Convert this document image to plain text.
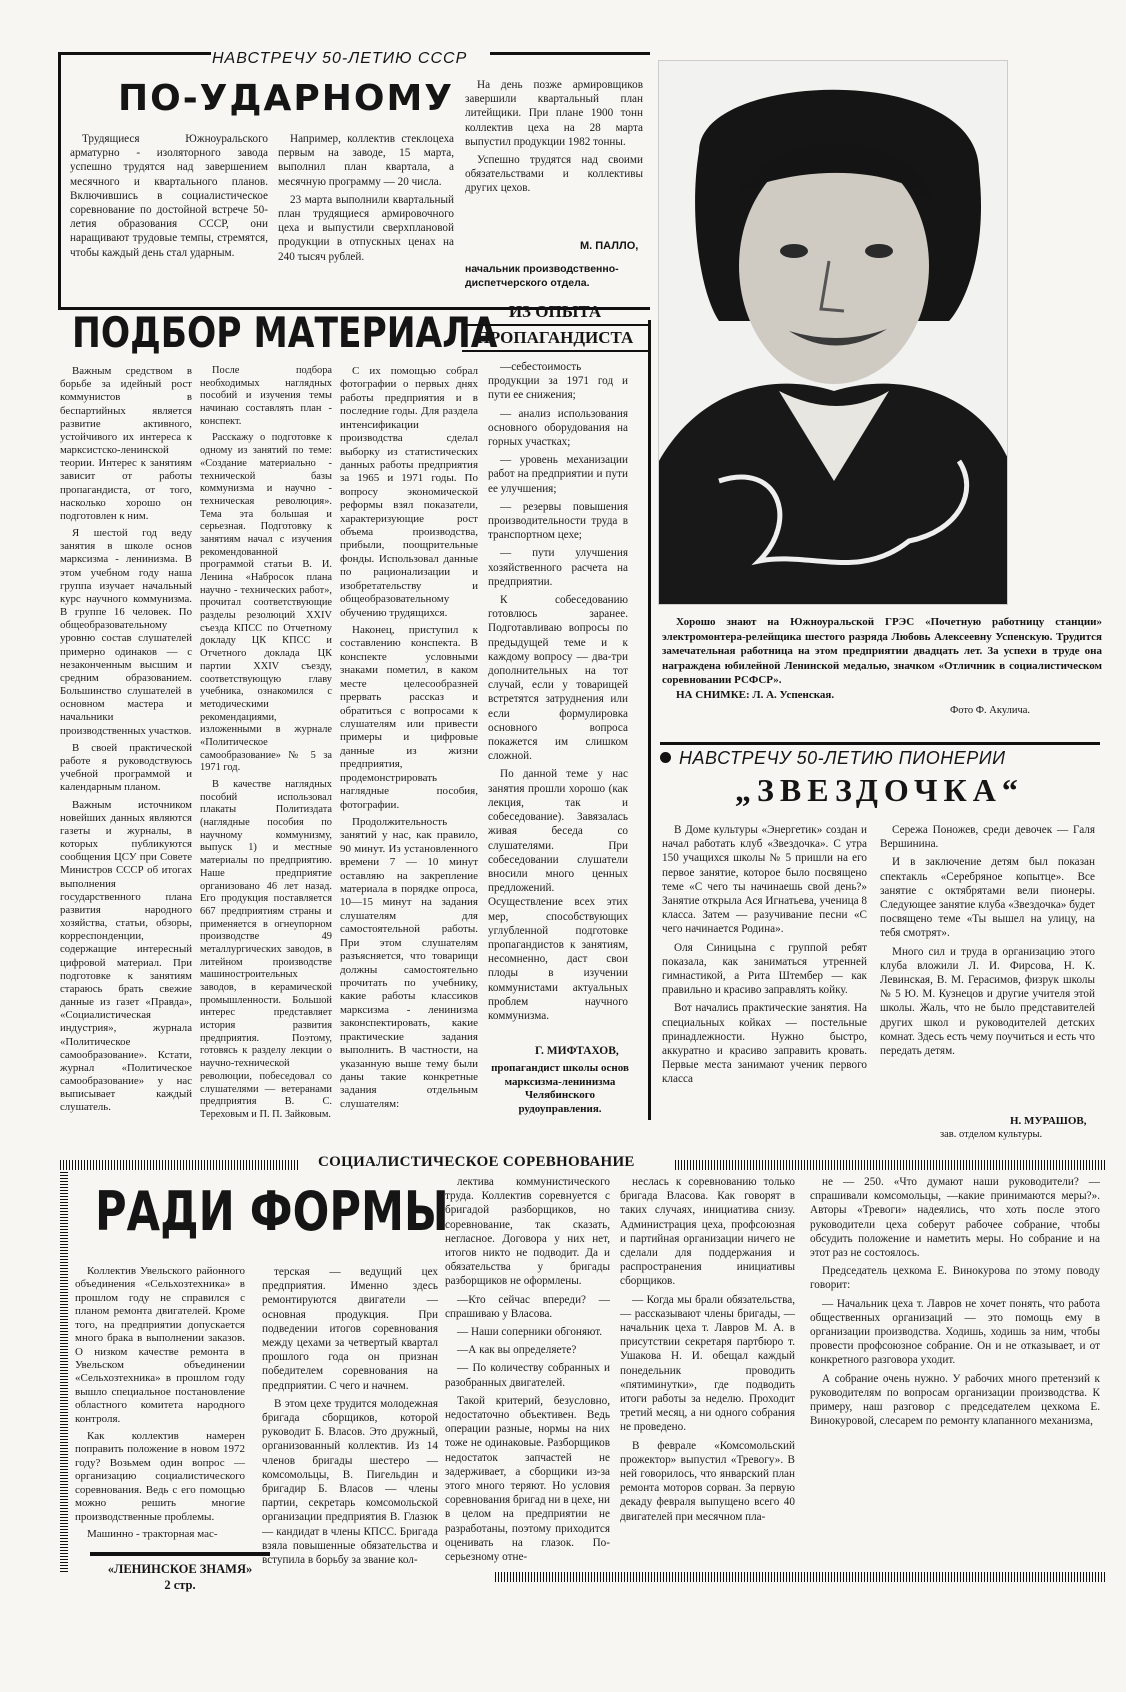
НАВСТРЕЧУ 50-ЛЕТИЮ СССР
ПО-УДАРНОМУ

Трудящиеся Южноуральского арматурно - изоляторного завода успешно трудятся над завершением месячного и квартального планов. Включившись в социалистическое соревнование по достойной встрече 50-летия образования СССР, они наращивают трудовые темпы, стремятся, чтобы каждый день стал ударным.

Например, коллектив стеклоцеха первым на заводе, 15 марта, выполнил план квартала, а месячную программу — 20 числа.

23 марта выполнили квартальный план трудящиеся армировочного цеха и выпустили сверхплановой продукции в отпускных ценах на 240 тысяч рублей.

На день позже армировщиков завершили квартальный план литейщики. При плане 1900 тонн коллектив цеха на 28 марта выпустил продукции 1982 тонны.

Успешно трудятся над своими обязательствами и коллективы других цехов.

М. ПАЛЛО,
начальник производственно-диспетчерского отдела.
Хорошо знают на Южноуральской ГРЭС «Почетную работницу станции» электромонтера-релейщика шестого разряда Любовь Алексеевну Успенскую. Трудится замечательная работница на этом предприятии двадцать лет. За успехи в труде она награждена юбилейной Ленинской медалью, значком «Отличник в социалистическом соревновании РСФСР».
НА СНИМКЕ: Л. А. Успенская.
Фото Ф. Акулича.
ПОДБОР МАТЕРИАЛА ИЗ ОПЫТА
ПРОПАГАНДИСТА

Важным средством в борьбе за идейный рост коммунистов в беспартийных является развитие активного, устойчивого их интереса к марксистско-ленинской теории. Интерес к занятиям зависит от работы пропагандиста, от того, насколько хорошо он подготовлен к ним.

Я шестой год веду занятия в школе основ марксизма - ленинизма. В этом учебном году наша группа изучает начальный курс научного коммунизма. В группе 16 человек. По общеобразовательному уровню состав слушателей примерно одинаков — с незаконченным высшим и средним образованием. Большинство слушателей в основном мастера и начальники производственных участков.

В своей практической работе я руководствуюсь учебной программой и календарным планом.

Важным источником новейших данных являются газеты и журналы, в которых публикуются сообщения ЦСУ при Совете Министров СССР об итогах выполнения государственного плана развития народного хозяйства, статьи, обзоры, корреспонденции, содержащие интересный цифровой материал. При подготовке к занятиям стараюсь брать свежие данные из газет «Правда», «Социалистическая индустрия», журнала «Политическое самообразование». Кстати, журнал «Политическое самообразование» у нас выписывает каждый слушатель.

После подбора необходимых наглядных пособий и изучения темы начинаю составлять план - конспект.

Расскажу о подготовке к одному из занятий по теме: «Создание материально - технической базы коммунизма и научно - техническая революция». Тема эта большая и серьезная. Подготовку к занятиям начал с изучения рекомендованной программой статьи В. И. Ленина «Набросок плана научно - технических работ», прочитал соответствующие разделы резолюций XXIV съезда КПСС по Отчетному докладу ЦК КПСС и Отчетного доклада ЦК партии XXIV съезду, соответствующую главу учебника, ознакомился с методическими рекомендациями, изложенными в журнале «Политическое самообразование» № 5 за 1971 год.

В качестве наглядных пособий использовал плакаты Политиздата (наглядные пособия по научному коммунизму, выпуск 1) и местные материалы по предприятию. Наше предприятие организовано 46 лет назад. Его продукция поставляется 667 предприятиям страны и применяется в огнеупорном производстве 49 металлургических заводов, в литейном производстве машиностроительных заводов, в керамической промышленности. Большой интерес представляет история развития предприятия. Поэтому, готовясь к разделу лекции о научно-технической революции, побеседовал со слушателями — ветеранами предприятия В. С. Тереховым и П. П. Зайковым.

С их помощью собрал фотографии о первых днях работы предприятия и в последние годы. Для раздела интенсификации производства сделал выборку из статистических данных работы предприятия за 1965 и 1971 годы. По вопросу экономической реформы взял показатели, характеризующие рост объема производства, прибыли, поощрительные фонды. Использовал данные по рационализации и изобретательству и общеобразовательному обучению трудящихся.

Наконец, приступил к составлению конспекта. В конспекте условными знаками пометил, в каком месте целесообразней прервать рассказ и обратиться с вопросами к слушателям или привести примеры и цифровые данные из жизни предприятия, продемонстрировать наглядные пособия, фотографии.

Продолжительность занятий у нас, как правило, 90 минут. Из установленного времени 7 — 10 минут оставляю на закрепление материала в порядке опроса, 10—15 минут на задания слушателям для самостоятельной работы. При этом слушателям разъясняется, что товарищи должны самостоятельно прочитать по учебнику, какие работы классиков марксизма - ленинизма законспектировать, какие практические задания выполнить. В частности, на указанную выше тему были даны такие конкретные задания отдельным слушателям:

—себестоимость продукции за 1971 год и пути ее снижения;

— анализ использования основного оборудования на горных участках;

— уровень механизации работ на предприятии и пути ее улучшения;

— резервы повышения производительности труда в транспортном цехе;

— пути улучшения хозяйственного расчета на предприятии.

К собеседованию готовлюсь заранее. Подготавливаю вопросы по предыдущей теме и к каждому вопросу — два-три дополнительных на тот случай, если у товарищей встретятся затруднения или если формулировка основного вопроса покажется им слишком сложной.

По данной теме у нас занятия прошли хорошо (как лекция, так и собеседование). Завязалась живая беседа со слушателями. При собеседовании слушатели вносили много ценных предложений. Осуществление всех этих мер, способствующих углубленной подготовке пропагандистов к занятиям, несомненно, даст свои плоды в изучении коммунистами актуальных проблем научного коммунизма.

Г. МИФТАХОВ,
пропагандист школы основ марксизма-ленинизма Челябинского рудоуправления.
НАВСТРЕЧУ 50-ЛЕТИЮ ПИОНЕРИИ
„ЗВЕЗДОЧКА“

В Доме культуры «Энергетик» создан и начал работать клуб «Звездочка». С утра 150 учащихся школы № 5 пришли на его первое занятие, которое было посвящено теме «С чего ты начинаешь свой день?» Занятие открыла Ася Игнатьева, ученица 8 класса. Затем — разучивание песни «С чего начинается Родина».

Оля Синицына с группой ребят показала, как заниматься утренней гимнастикой, а Рита Штембер — как правильно и красиво заправлять койку.

Вот начались практические занятия. На специальных койках — постельные принадлежности. Нужно быстро, аккуратно и красиво заправить кровать. Первые места занимают ученик первого класса

Сережа Поножев, среди девочек — Галя Вершинина.

И в заключение детям был показан спектакль «Серебряное копытце». Все занятие с октябрятами вели пионеры. Следующее занятие клуба «Звездочка» будет посвящено теме «Ты вышел на улицу, на тебя смотрят».

Много сил и труда в организацию этого клуба вложили Л. И. Фирсова, Н. К. Левинская, В. М. Герасимов, физрук школы № 5 Ю. М. Кузнецов и другие учителя этой школы. Жаль, что не было представителей других школ и руководителей детских комнат. Здесь есть чему поучиться и есть что передать детям.

Н. МУРАШОВ,
зав. отделом культуры.
СОЦИАЛИСТИЧЕСКОЕ СОРЕВНОВАНИЕ
РАДИ ФОРМЫ

Коллектив Увельского районного объединения «Сельхозтехника» в прошлом году не справился с планом ремонта двигателей. Кроме того, на предприятии допускается много брака в выполнении заказов. О низком качестве ремонта в Увельском объединении «Сельхозтехника» в прошлом году вышло специальное постановление областного комитета народного контроля.

Как коллектив намерен поправить положение в новом 1972 году? Возьмем один вопрос — организацию социалистического соревнования. Ведь с его помощью можно решить многие производственные проблемы.

Машинно - тракторная мас-

терская — ведущий цех предприятия. Именно здесь ремонтируются двигатели — основная продукция. При подведении итогов соревнования между цехами за четвертый квартал прошлого года он признан победителем соревнования на предприятии. С чего и начнем.

В этом цехе трудится молодежная бригада сборщиков, которой руководит Б. Власов. Это дружный, организованный коллектив. Из 14 членов бригады шестеро — комсомольцы, В. Пигельдин и бригадир Б. Власов — члены партии, секретарь комсомольской организации предприятия В. Глазюк — кандидат в члены КПСС. Бригада взяла повышенные обязательства и вступила в борьбу за звание кол-

лектива коммунистического труда. Коллектив соревнуется с бригадой разборщиков, но соревнование, так сказать, негласное. Договора у них нет, итогов никто не подводит. Да и обязательства у бригады разборщиков не оформлены.

—Кто сейчас впереди? — спрашиваю у Власова.

— Наши соперники обгоняют.

—А как вы определяете?

— По количеству собранных и разобранных двигателей.

Такой критерий, безусловно, недостаточно объективен. Ведь операции разные, нормы на них тоже не одинаковые. Разборщиков недостаток запчастей не задерживает, а сборщики из-за этого много теряют. Но условия соревнования бригад ни в цехе, ни в целом на предприятии не разработаны, поэтому приходится оценивать на глазок. По-серьезному отне-

неслась к соревнованию только бригада Власова. Как говорят в таких случаях, инициатива снизу. Администрация цеха, профсоюзная и партийная организации ничего не сделали для поддержания и распространения инициативы сборщиков.

— Когда мы брали обязательства, — рассказывают члены бригады, — начальник цеха т. Лавров М. А. в присутствии секретаря партбюро т. Ушакова Н. И. обещал каждый понедельник проводить «пятиминутки», где подводить итоги работы за неделю. Проходит третий месяц, а ни одного собрания не проведено.

В феврале «Комсомольский прожектор» выпустил «Тревогу». В ней говорилось, что январский план ремонта моторов сорван. За первую декаду февраля выпущено всего 40 двигателей при месячном пла-

не — 250. «Что думают наши руководители? — спрашивали комсомольцы, —какие принимаются меры?». Авторы «Тревоги» надеялись, что хоть после этого руководители цеха соберут рабочее собрание, чтобы обсудить положение и наметить меры. Но собрание и на этот раз не состоялось.

Председатель цехкома Е. Винокурова по этому поводу говорит:

— Начальник цеха т. Лавров не хочет понять, что работа общественных организаций — это помощь ему в организации производства. Ходишь, ходишь за ним, чтобы провести профсоюзное собрание. Он и не отказывает, и от конкретного разговора уходит.

А собрание очень нужно. У рабочих много претензий к руководителям по вопросам организации производства. К примеру, наш разговор с председателем цехкома Е. Винокуровой, слесарем по ремонту клапанного механизма,

«ЛЕНИНСКОЕ ЗНАМЯ»
2 стр.
